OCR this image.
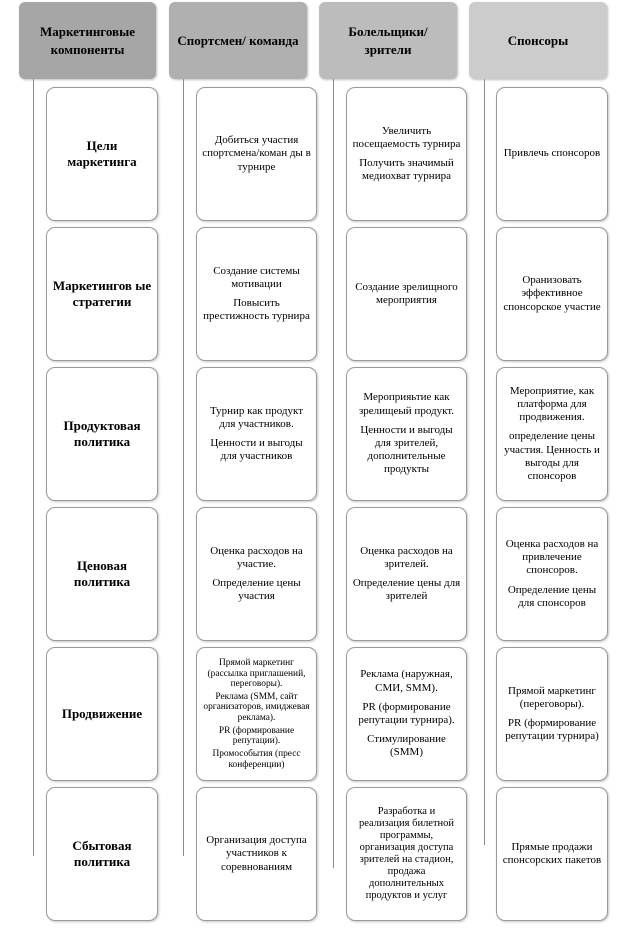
Маркетинговые компоненты
Спортсмен/ команда
Болельщики/ зрители
Спонсоры

Цели маркетинга

Добиться участия спортсмена/коман ды в турнире

Увеличить посещаемость турнира

Получить значимый медиохват турнира

Привлечь спонсоров

Маркетингов ые стратегии

Создание системы мотивации

Повысить престижность турнира

Создание зрелищного мероприятия

Оранизовать эффективное спонсорское участие

Продуктовая политика

Турнир как продукт для участников.

Ценности и выгоды для участников

Мероприяьтие как зрелищеый продукт.

Ценности и выгоды для зрителей, дополнительные продукты

Мероприятие, как платформа для продвижения.

определение цены участия. Ценность и выгоды для спонсоров

Ценовая политика

Оценка расходов на участие.

Определение цены участия

Оценка расходов на зрителей.

Определение цены для зрителей

Оценка расходов на привлечение спонсоров.

Определение цены для спонсоров

Продвижение

Прямой маркетинг (рассылка приглашений, переговоры).

Реклама (SMM, сайт организаторов, имиджевая реклама).

PR (формирование репутации).

Промособытия (пресс конференции)

Реклама (наружная, СМИ, SMM).

PR (формирование репутации турнира).

Стимулирование (SMM)

Прямой маркетинг (переговоры).

PR (формирование репутации турнира)

Сбытовая политика

Организация доступа участников к соревнованиям

Разработка и реализация билетной программы, организация доступа зрителей на стадион, продажа дополнительных продуктов и услуг

Прямые продажи спонсорских пакетов
